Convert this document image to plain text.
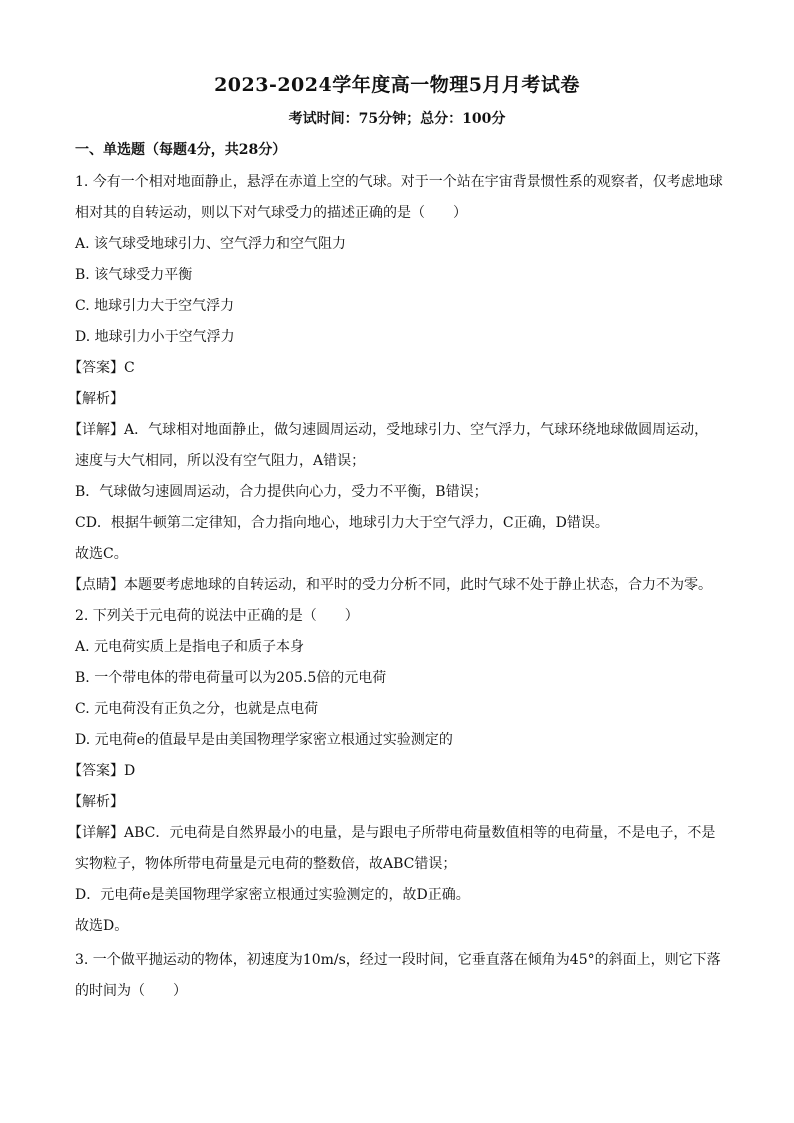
2023-2024学年度高一物理5月月考试卷
考试时间：75分钟；总分：100分
一、单选题（每题4分，共28分）
1. 今有一个相对地面静止，悬浮在赤道上空的气球。对于一个站在宇宙背景惯性系的观察者，仅考虑地球
相对其的自转运动，则以下对气球受力的描述正确的是（　　）
A. 该气球受地球引力、空气浮力和空气阻力
B. 该气球受力平衡
C. 地球引力大于空气浮力
D. 地球引力小于空气浮力
【答案】C
【解析】
【详解】A．气球相对地面静止，做匀速圆周运动，受地球引力、空气浮力，气球环绕地球做圆周运动，
速度与大气相同，所以没有空气阻力，A错误；
B．气球做匀速圆周运动，合力提供向心力，受力不平衡，B错误；
CD．根据牛顿第二定律知，合力指向地心，地球引力大于空气浮力，C正确，D错误。
故选C。
【点睛】本题要考虑地球的自转运动，和平时的受力分析不同，此时气球不处于静止状态，合力不为零。
2. 下列关于元电荷的说法中正确的是（　　）
A. 元电荷实质上是指电子和质子本身
B. 一个带电体的带电荷量可以为205.5倍的元电荷
C. 元电荷没有正负之分，也就是点电荷
D. 元电荷e的值最早是由美国物理学家密立根通过实验测定的
【答案】D
【解析】
【详解】ABC．元电荷是自然界最小的电量，是与跟电子所带电荷量数值相等的电荷量，不是电子，不是
实物粒子，物体所带电荷量是元电荷的整数倍，故ABC错误；
D．元电荷e是美国物理学家密立根通过实验测定的，故D正确。
故选D。
3. 一个做平抛运动的物体，初速度为10m/s，经过一段时间，它垂直落在倾角为45°的斜面上，则它下落
的时间为（　　）
